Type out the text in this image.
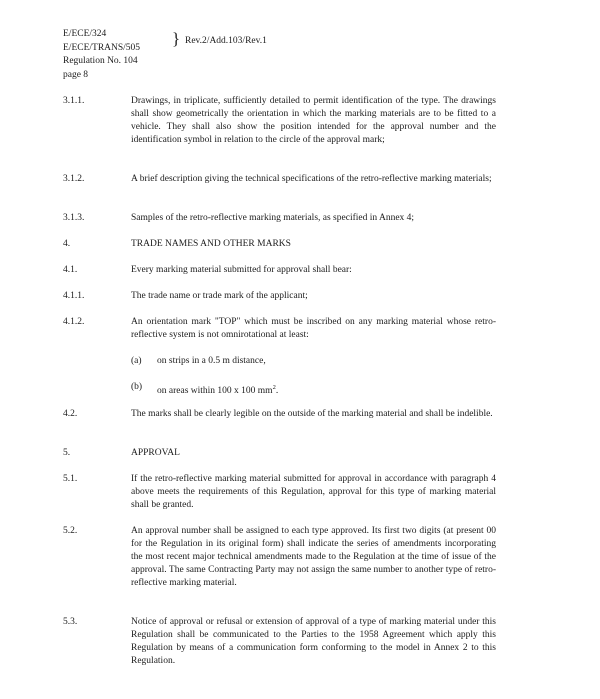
E/ECE/324
E/ECE/TRANS/505
Regulation No. 104
page 8
} Rev.2/Add.103/Rev.1
3.1.1.	Drawings, in triplicate, sufficiently detailed to permit identification of the type. The drawings shall show geometrically the orientation in which the marking materials are to be fitted to a vehicle. They shall also show the position intended for the approval number and the identification symbol in relation to the circle of the approval mark;

3.1.2.	A brief description giving the technical specifications of the retro-reflective marking materials;

3.1.3.	Samples of the retro-reflective marking materials, as specified in Annex 4;

4.	TRADE NAMES AND OTHER MARKS

4.1.	Every marking material submitted for approval shall bear:

4.1.1.	The trade name or trade mark of the applicant;

4.1.2.	An orientation mark "TOP" which must be inscribed on any marking material whose retro-reflective system is not omnirotational at least:

(a) on strips in a 0.5 m distance,
(b) on areas within 100 x 100 $mm^2$.
4.2.	The marks shall be clearly legible on the outside of the marking material and shall be indelible.

5.	APPROVAL

5.1.	If the retro-reflective marking material submitted for approval in accordance with paragraph 4 above meets the requirements of this Regulation, approval for this type of marking material shall be granted.

5.2.	An approval number shall be assigned to each type approved. Its first two digits (at present 00 for the Regulation in its original form) shall indicate the series of amendments incorporating the most recent major technical amendments made to the Regulation at the time of issue of the approval. The same Contracting Party may not assign the same number to another type of retro-reflective marking material.

5.3.	Notice of approval or refusal or extension of approval of a type of marking material under this Regulation shall be communicated to the Parties to the 1958 Agreement which apply this Regulation by means of a communication form conforming to the model in Annex 2 to this Regulation.
